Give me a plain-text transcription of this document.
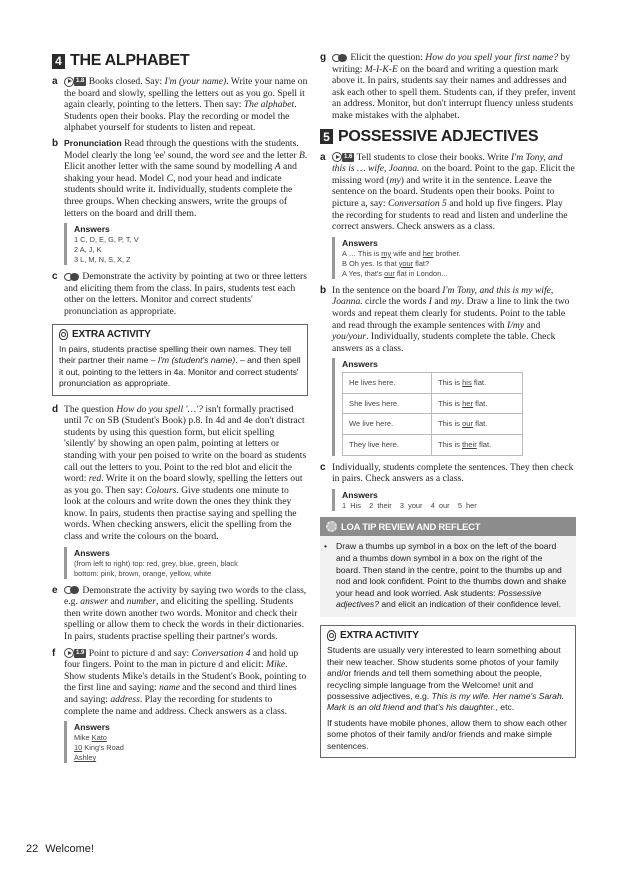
4 THE ALPHABET
a	1.8 Books closed. Say: I'm (your name). Write your name on the board and slowly, spelling the letters out as you go. Spell it again clearly, pointing to the letters. Then say: The alphabet. Students open their books. Play the recording or model the alphabet yourself for students to listen and repeat.
b Pronunciation Read through the questions with the students. Model clearly the long 'ee' sound, the word see and the letter B. Elicit another letter with the same sound by modelling A and shaking your head. Model C, nod your head and indicate students should write it. Individually, students complete the three groups. When checking answers, write the groups of letters on the board and drill them.
Answers
1 C, D, E, G, P, T, V
2 A, J, K
3 L, M, N, S, X, Z
c Demonstrate the activity by pointing at two or three letters and eliciting them from the class. In pairs, students test each other on the letters. Monitor and correct students' pronunciation as appropriate.
EXTRA ACTIVITY
In pairs, students practise spelling their own names. They tell their partner their name – I'm (student's name). – and then spell it out, pointing to the letters in 4a. Monitor and correct students' pronunciation as appropriate.
d The question How do you spell '…'? isn't formally practised until 7c on SB (Student's Book) p.8. In 4d and 4e don't distract students by using this question form, but elicit spelling 'silently' by showing an open palm, pointing at letters or standing with your pen poised to write on the board as students call out the letters to you. Point to the red blot and elicit the word: red. Write it on the board slowly, spelling the letters out as you go. Then say: Colours. Give students one minute to look at the colours and write down the ones they think they know. In pairs, students then practise saying and spelling the words. When checking answers, elicit the spelling from the class and write the colours on the board.
Answers
(from left to right) top: red, grey, blue, green, black
bottom: pink, brown, orange, yellow, white
e Demonstrate the activity by saying two words to the class, e.g. answer and number, and eliciting the spelling. Students then write down another two words. Monitor and check their spelling or allow them to check the words in their dictionaries. In pairs, students practise spelling their partner's words.
f	1.9 Point to picture d and say: Conversation 4 and hold up four fingers. Point to the man in picture d and elicit: Mike. Show students Mike's details in the Student's Book, pointing to the first line and saying: name and the second and third lines and saying: address. Play the recording for students to complete the name and address. Check answers as a class.
Answers
Mike Kato
10 King's Road
Ashley
g Elicit the question: How do you spell your first name? by writing: M-I-K-E on the board and writing a question mark above it. In pairs, students say their names and addresses and ask each other to spell them. Students can, if they prefer, invent an address. Monitor, but don't interrupt fluency unless students make mistakes with the alphabet.
5 POSSESSIVE ADJECTIVES
a	1.6 Tell students to close their books. Write I'm Tony, and this is … wife, Joanna. on the board. Point to the gap. Elicit the missing word (my) and write it in the sentence. Leave the sentence on the board. Students open their books. Point to picture a, say: Conversation 5 and hold up five fingers. Play the recording for students to read and listen and underline the correct answers. Check answers as a class.
Answers
A … This is my wife and her brother.
B Oh yes. Is that your flat?
A Yes, that's our flat in London...
b In the sentence on the board I'm Tony, and this is my wife, Joanna. circle the words I and my. Draw a line to link the two words and repeat them clearly for students. Point to the table and read through the example sentences with I/my and you/your. Individually, students complete the table. Check answers as a class.
Answers
He lives here.	This is his flat.
She lives here.	This is her flat.
We live here.	This is our flat.
They live here.	This is their flat.
c Individually, students complete the sentences. They then check in pairs. Check answers as a class.
Answers
1  His    2  their    3  your    4  our    5  her
LOA TIP REVIEW AND REFLECT
•	Draw a thumbs up symbol in a box on the left of the board and a thumbs down symbol in a box on the right of the board. Then stand in the centre, point to the thumbs up and nod and look confident. Point to the thumbs down and shake your head and look worried. Ask students: Possessive adjectives? and elicit an indication of their confidence level.
EXTRA ACTIVITY
Students are usually very interested to learn something about their new teacher. Show students some photos of your family and/or friends and tell them something about the people, recycling simple language from the Welcome! unit and possessive adjectives, e.g. This is my wife. Her name's Sarah. Mark is an old friend and that's his daughter., etc.
If students have mobile phones, allow them to show each other some photos of their family and/or friends and make simple sentences.
22 Welcome!
